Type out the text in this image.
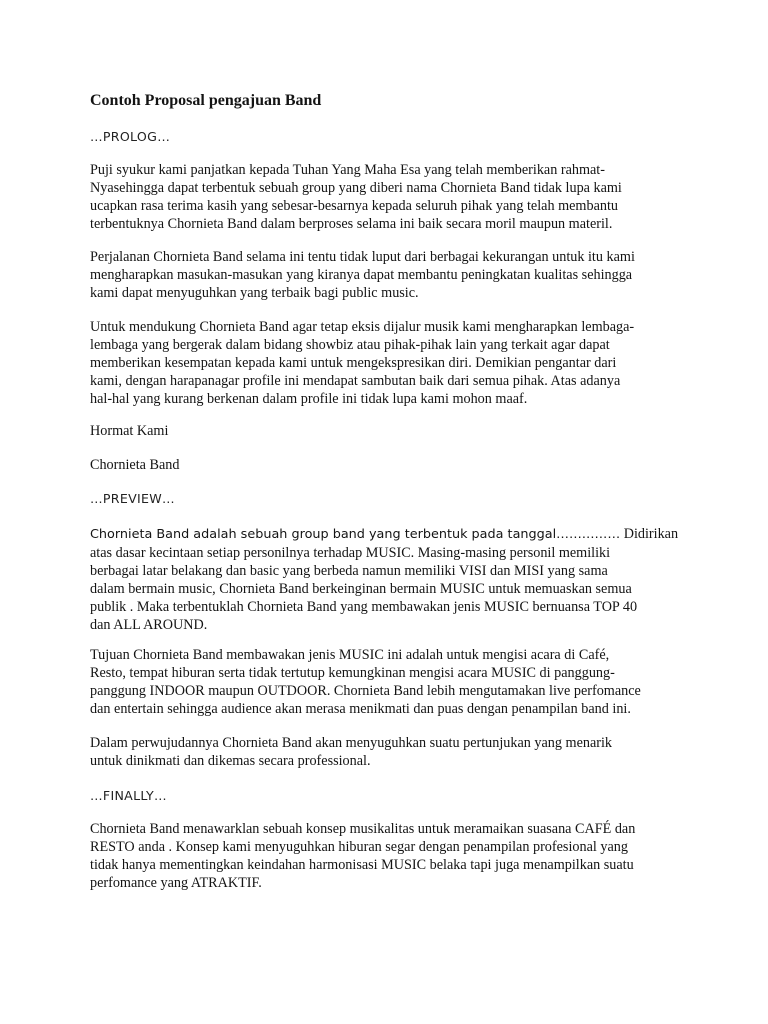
Contoh Proposal pengajuan Band
…PROLOG…
Puji syukur kami panjatkan kepada Tuhan Yang Maha Esa yang telah memberikan rahmat-
Nyasehingga dapat terbentuk sebuah group yang diberi nama Chornieta Band tidak lupa kami
ucapkan rasa terima kasih yang sebesar-besarnya kepada seluruh pihak yang telah membantu
terbentuknya Chornieta Band dalam berproses selama ini baik secara moril maupun materil.
Perjalanan Chornieta Band selama ini tentu tidak luput dari berbagai kekurangan untuk itu kami
mengharapkan masukan-masukan yang kiranya dapat membantu peningkatan kualitas sehingga
kami dapat menyuguhkan yang terbaik bagi public music.
Untuk mendukung Chornieta Band agar tetap eksis dijalur musik kami mengharapkan lembaga-
lembaga yang bergerak dalam bidang showbiz atau pihak-pihak lain yang terkait agar dapat
memberikan kesempatan kepada kami untuk mengekspresikan diri. Demikian pengantar dari
kami, dengan harapanagar profile ini mendapat sambutan baik dari semua pihak. Atas adanya
hal-hal yang kurang berkenan dalam profile ini tidak lupa kami mohon maaf.
Hormat Kami
Chornieta Band
…PREVIEW…
Chornieta Band adalah sebuah group band yang terbentuk pada tanggal…………… Didirikan
atas dasar kecintaan setiap personilnya terhadap MUSIC. Masing-masing personil memiliki
berbagai latar belakang dan basic yang berbeda namun memiliki VISI dan MISI yang sama
dalam bermain music, Chornieta Band berkeinginan bermain MUSIC untuk memuaskan semua
publik . Maka terbentuklah Chornieta Band yang membawakan jenis MUSIC bernuansa TOP 40
dan ALL AROUND.
Tujuan Chornieta Band membawakan jenis MUSIC ini adalah untuk mengisi acara di Café,
Resto, tempat hiburan serta tidak tertutup kemungkinan mengisi acara MUSIC di panggung-
panggung INDOOR maupun OUTDOOR. Chornieta Band lebih mengutamakan live perfomance
dan entertain sehingga audience akan merasa menikmati dan puas dengan penampilan band ini.
Dalam perwujudannya Chornieta Band akan menyuguhkan suatu pertunjukan yang menarik
untuk dinikmati dan dikemas secara professional.
…FINALLY…
Chornieta Band menawarklan sebuah konsep musikalitas untuk meramaikan suasana CAFÉ dan
RESTO anda . Konsep kami menyuguhkan hiburan segar dengan penampilan profesional yang
tidak hanya mementingkan keindahan harmonisasi MUSIC belaka tapi juga menampilkan suatu
perfomance yang ATRAKTIF.
